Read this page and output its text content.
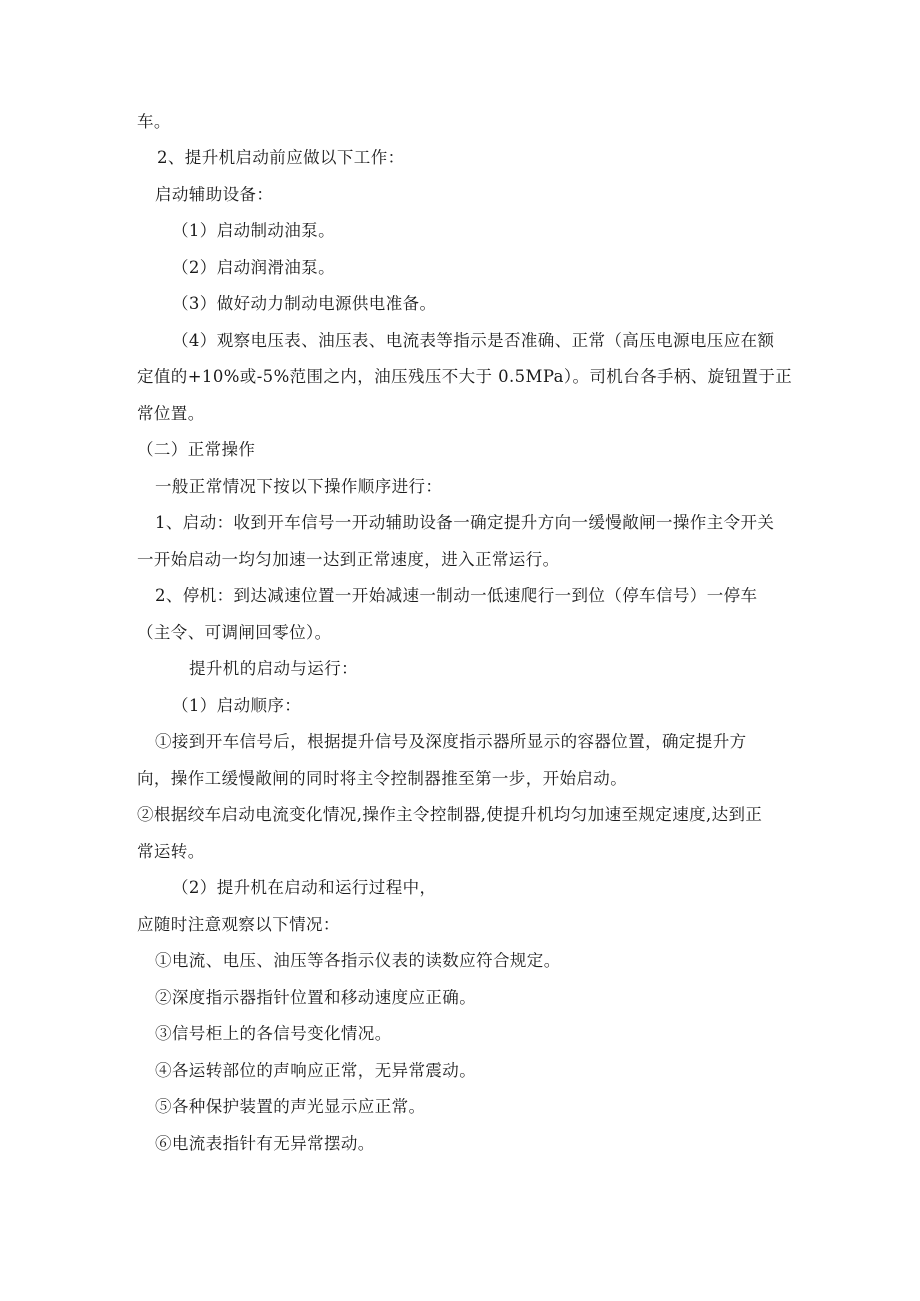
车。
2、提升机启动前应做以下工作：
启动辅助设备：
（1）启动制动油泵。
（2）启动润滑油泵。
（3）做好动力制动电源供电准备。
（4）观察电压表、油压表、电流表等指示是否准确、正常（高压电源电压应在额
定值的+10%或-5%范围之内，油压残压不大于 0.5MPa）。司机台各手柄、旋钮置于正
常位置。
（二）正常操作
一般正常情况下按以下操作顺序进行：
1、启动：收到开车信号一开动辅助设备一确定提升方向一缓慢敞闸一操作主令开关
一开始启动一均匀加速一达到正常速度，进入正常运行。
2、停机：到达减速位置一开始减速一制动一低速爬行一到位（停车信号）一停车
（主令、可调闸回零位）。
提升机的启动与运行：
（1）启动顺序：
①接到开车信号后，根据提升信号及深度指示器所显示的容器位置，确定提升方
向，操作工缓慢敞闸的同时将主令控制器推至第一步，开始启动。
②根据绞车启动电流变化情况,操作主令控制器,使提升机均匀加速至规定速度,达到正
常运转。
（2）提升机在启动和运行过程中，
应随时注意观察以下情况：
①电流、电压、油压等各指示仪表的读数应符合规定。
②深度指示器指针位置和移动速度应正确。
③信号柜上的各信号变化情况。
④各运转部位的声响应正常，无异常震动。
⑤各种保护装置的声光显示应正常。
⑥电流表指针有无异常摆动。
